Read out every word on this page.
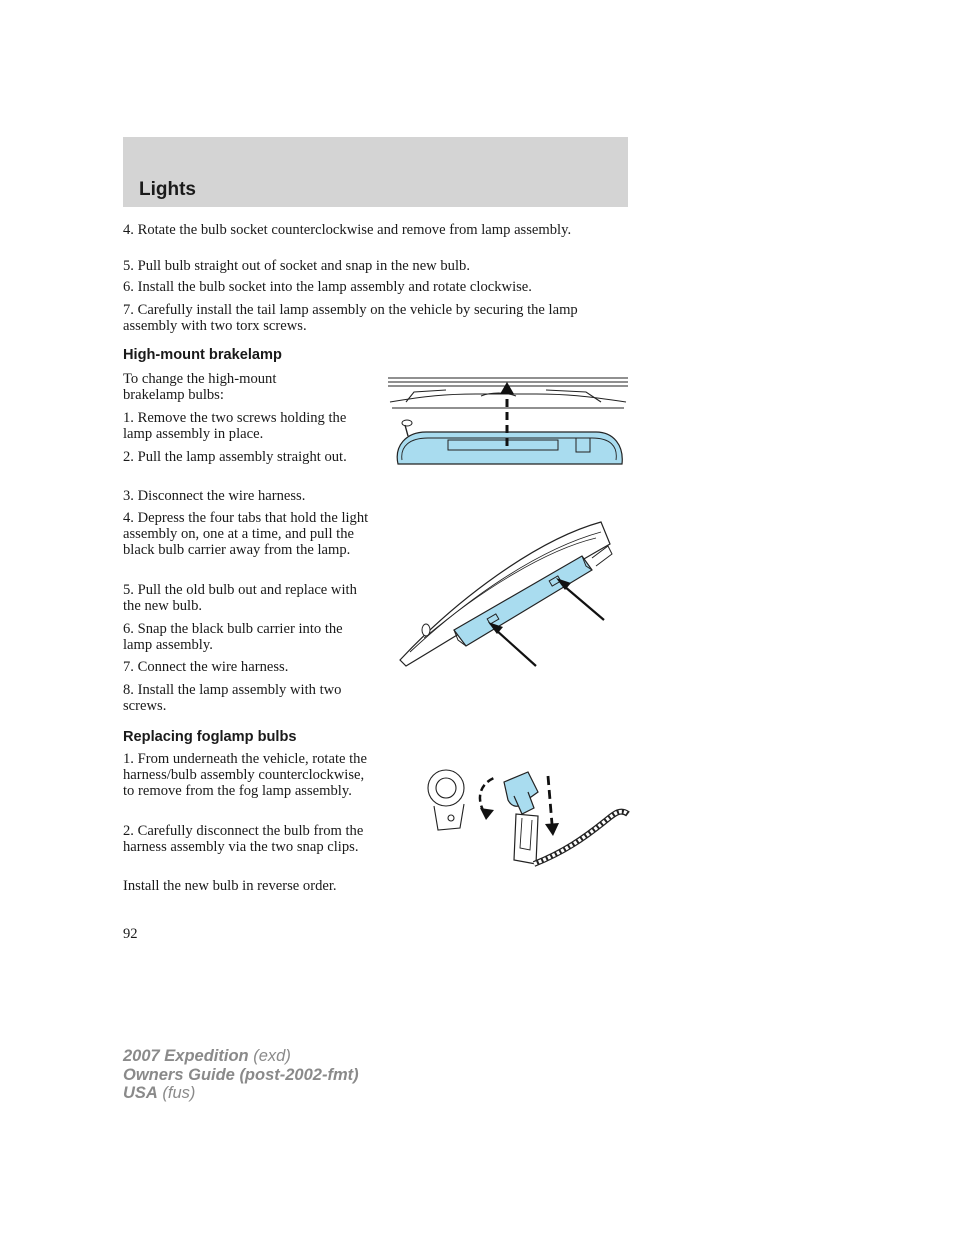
Lights

4. Rotate the bulb socket counterclockwise and remove from lamp assembly.

5. Pull bulb straight out of socket and snap in the new bulb.

6. Install the bulb socket into the lamp assembly and rotate clockwise.

7. Carefully install the tail lamp assembly on the vehicle by securing the lamp assembly with two torx screws.

High-mount brakelamp

To change the high-mount brakelamp bulbs:

1. Remove the two screws holding the lamp assembly in place.

2. Pull the lamp assembly straight out.

3. Disconnect the wire harness.

4. Depress the four tabs that hold the light assembly on, one at a time, and pull the black bulb carrier away from the lamp.

5. Pull the old bulb out and replace with the new bulb.

6. Snap the black bulb carrier into the lamp assembly.

7. Connect the wire harness.

8. Install the lamp assembly with two screws.

Replacing foglamp bulbs

1. From underneath the vehicle, rotate the harness/bulb assembly counterclockwise, to remove from the fog lamp assembly.

2. Carefully disconnect the bulb from the harness assembly via the two snap clips.

Install the new bulb in reverse order.

92
2007 Expedition (exd)
Owners Guide (post-2002-fmt)
USA (fus)
